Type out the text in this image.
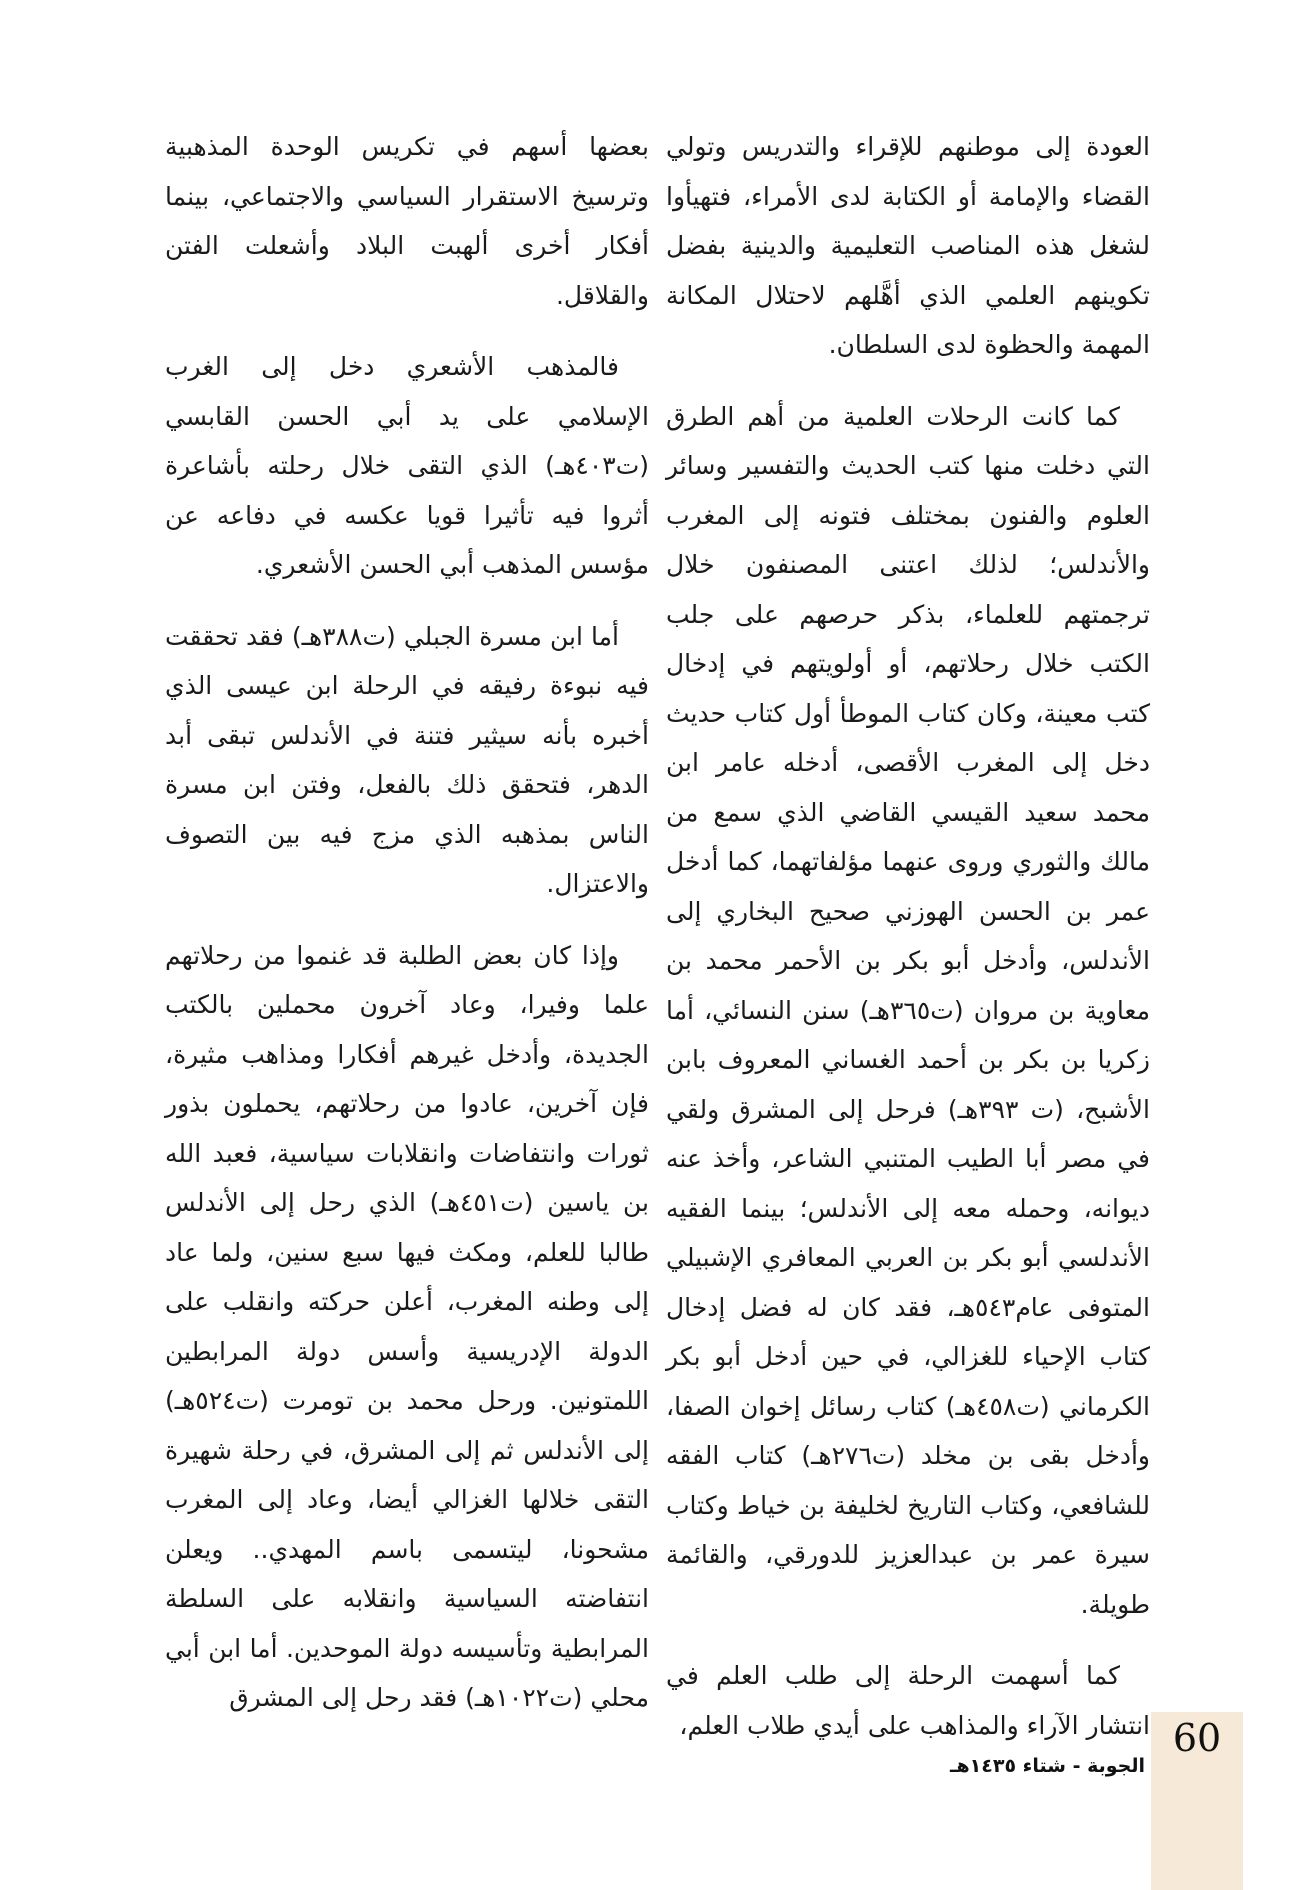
العودة إلى موطنهم للإقراء والتدريس وتولي القضاء والإمامة أو الكتابة لدى الأمراء، فتهيأوا لشغل هذه المناصب التعليمية والدينية بفضل تكوينهم العلمي الذي أهَّلهم لاحتلال المكانة المهمة والحظوة لدى السلطان.

كما كانت الرحلات العلمية من أهم الطرق التي دخلت منها كتب الحديث والتفسير وسائر العلوم والفنون بمختلف فتونه إلى المغرب والأندلس؛ لذلك اعتنى المصنفون خلال ترجمتهم للعلماء، بذكر حرصهم على جلب الكتب خلال رحلاتهم، أو أولويتهم في إدخال كتب معينة، وكان كتاب الموطأ أول كتاب حديث دخل إلى المغرب الأقصى، أدخله عامر ابن محمد سعيد القيسي القاضي الذي سمع من مالك والثوري وروى عنهما مؤلفاتهما، كما أدخل عمر بن الحسن الهوزني صحيح البخاري إلى الأندلس، وأدخل أبو بكر بن الأحمر محمد بن معاوية بن مروان (ت٣٦٥هـ) سنن النسائي، أما زكريا بن بكر بن أحمد الغساني المعروف بابن الأشبح، (ت ٣٩٣هـ) فرحل إلى المشرق ولقي في مصر أبا الطيب المتنبي الشاعر، وأخذ عنه ديوانه، وحمله معه إلى الأندلس؛ بينما الفقيه الأندلسي أبو بكر بن العربي المعافري الإشبيلي المتوفى عام٥٤٣هـ، فقد كان له فضل إدخال كتاب الإحياء للغزالي، في حين أدخل أبو بكر الكرماني (ت٤٥٨هـ) كتاب رسائل إخوان الصفا، وأدخل بقى بن مخلد (ت٢٧٦هـ) كتاب الفقه للشافعي، وكتاب التاريخ لخليفة بن خياط وكتاب سيرة عمر بن عبدالعزيز للدورقي، والقائمة طويلة.

كما أسهمت الرحلة إلى طلب العلم في انتشار الآراء والمذاهب على أيدي طلاب العلم،

بعضها أسهم في تكريس الوحدة المذهبية وترسيخ الاستقرار السياسي والاجتماعي، بينما أفكار أخرى ألهبت البلاد وأشعلت الفتن والقلاقل.

فالمذهب الأشعري دخل إلى الغرب الإسلامي على يد أبي الحسن القابسي (ت٤٠٣هـ) الذي التقى خلال رحلته بأشاعرة أثروا فيه تأثيرا قويا عكسه في دفاعه عن مؤسس المذهب أبي الحسن الأشعري.

أما ابن مسرة الجبلي (ت٣٨٨هـ) فقد تحققت فيه نبوءة رفيقه في الرحلة ابن عيسى الذي أخبره بأنه سيثير فتنة في الأندلس تبقى أبد الدهر، فتحقق ذلك بالفعل، وفتن ابن مسرة الناس بمذهبه الذي مزج فيه بين التصوف والاعتزال.

وإذا كان بعض الطلبة قد غنموا من رحلاتهم علما وفيرا، وعاد آخرون محملين بالكتب الجديدة، وأدخل غيرهم أفكارا ومذاهب مثيرة، فإن آخرين، عادوا من رحلاتهم، يحملون بذور ثورات وانتفاضات وانقلابات سياسية، فعبد الله بن ياسين (ت٤٥١هـ) الذي رحل إلى الأندلس طالبا للعلم، ومكث فيها سبع سنين، ولما عاد إلى وطنه المغرب، أعلن حركته وانقلب على الدولة الإدريسية وأسس دولة المرابطين اللمتونين. ورحل محمد بن تومرت (ت٥٢٤هـ) إلى الأندلس ثم إلى المشرق، في رحلة شهيرة التقى خلالها الغزالي أيضا، وعاد إلى المغرب مشحونا، ليتسمى باسم المهدي.. ويعلن انتفاضته السياسية وانقلابه على السلطة المرابطية وتأسيسه دولة الموحدين. أما ابن أبي محلي (ت١٠٢٢هـ) فقد رحل إلى المشرق

60
الجوبة - شتاء ١٤٣٥هـ
